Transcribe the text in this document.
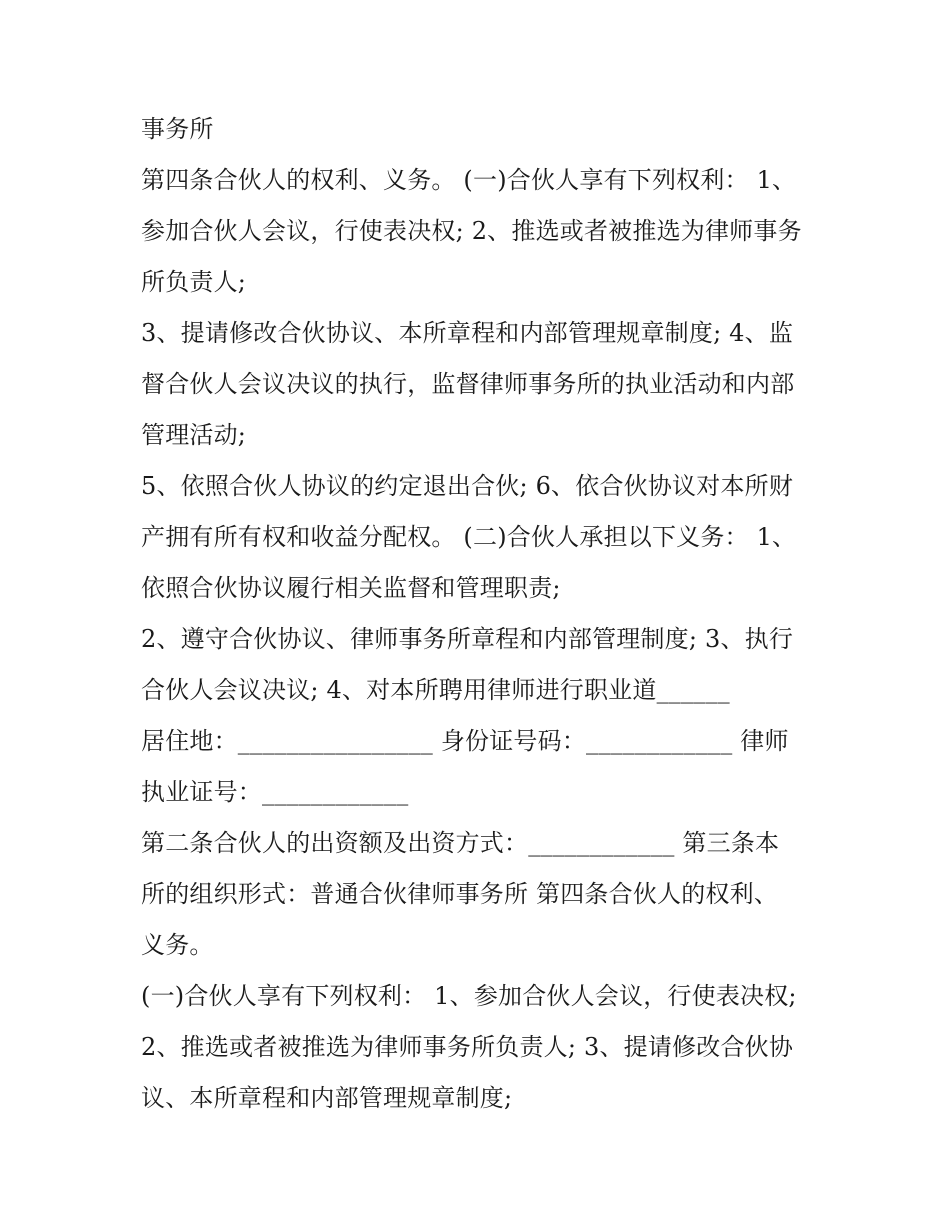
事务所
第四条合伙人的权利、义务。 (一)合伙人享有下列权利： 1、
参加合伙人会议，行使表决权; 2、推选或者被推选为律师事务
所负责人;
3、提请修改合伙协议、本所章程和内部管理规章制度; 4、监
督合伙人会议决议的执行，监督律师事务所的执业活动和内部
管理活动;
5、依照合伙人协议的约定退出合伙; 6、依合伙协议对本所财
产拥有所有权和收益分配权。 (二)合伙人承担以下义务： 1、
依照合伙协议履行相关监督和管理职责;
2、遵守合伙协议、律师事务所章程和内部管理制度; 3、执行
合伙人会议决议; 4、对本所聘用律师进行职业道______
居住地：________________ 身份证号码：____________ 律师
执业证号：____________
第二条合伙人的出资额及出资方式：____________ 第三条本
所的组织形式：普通合伙律师事务所 第四条合伙人的权利、
义务。
(一)合伙人享有下列权利： 1、参加合伙人会议，行使表决权;
2、推选或者被推选为律师事务所负责人; 3、提请修改合伙协
议、本所章程和内部管理规章制度;
